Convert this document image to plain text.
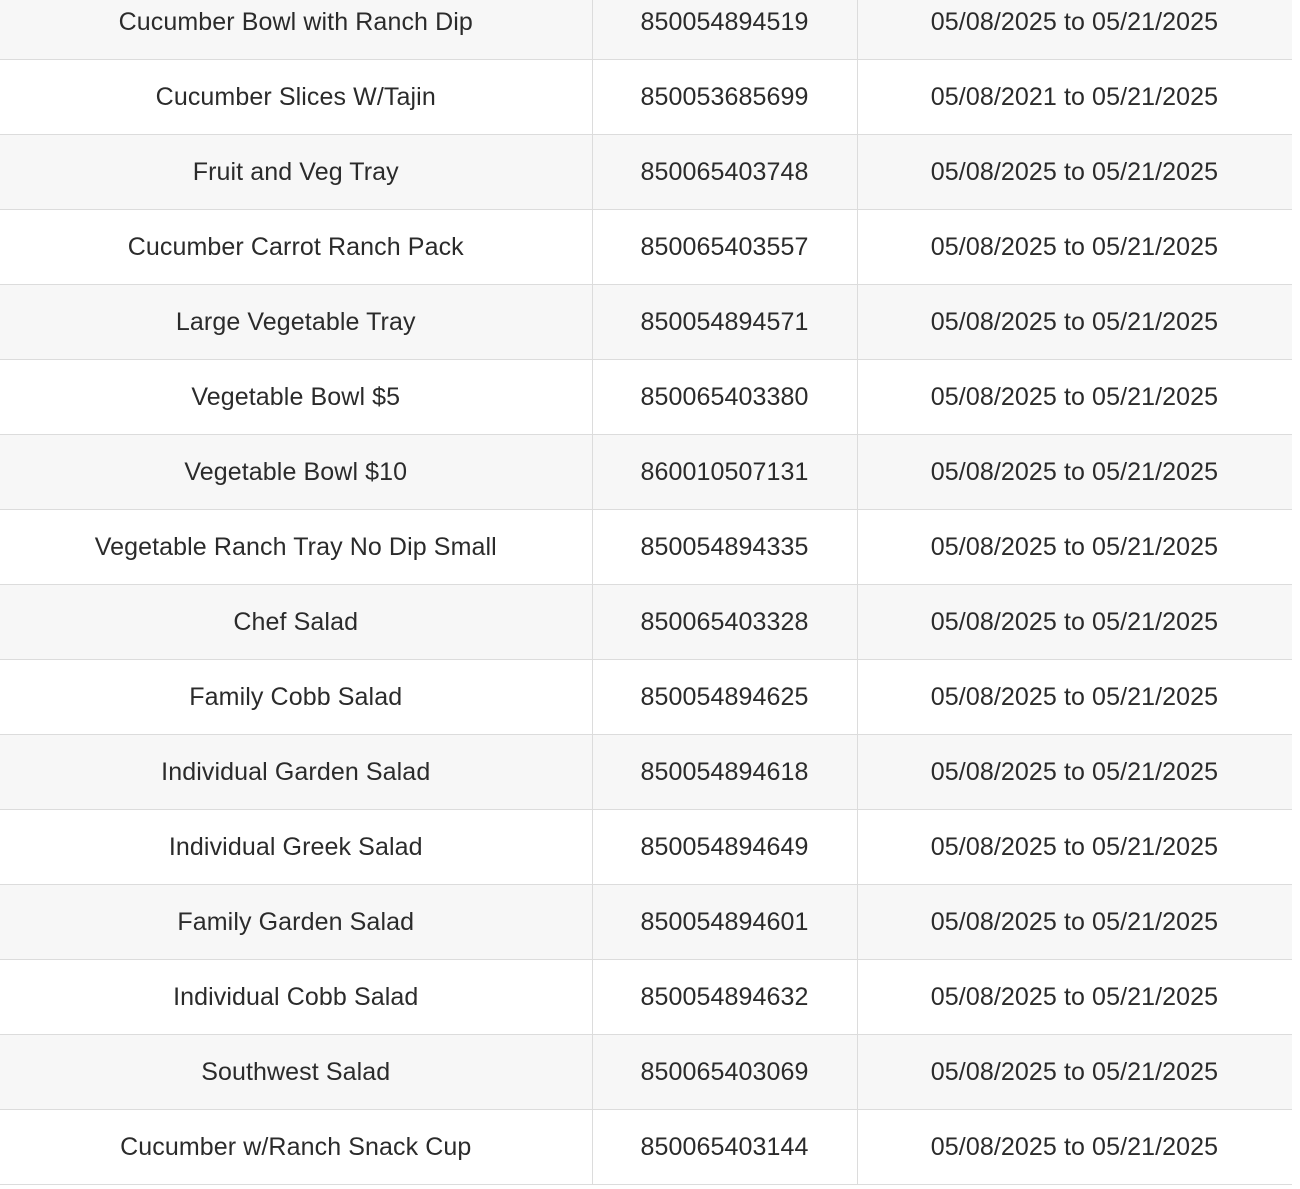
Cucumber Bowl with Ranch Dip	850054894519	05/08/2025 to 05/21/2025
Cucumber Slices W/Tajin	850053685699	05/08/2021 to 05/21/2025
Fruit and Veg Tray	850065403748	05/08/2025 to 05/21/2025
Cucumber Carrot Ranch Pack	850065403557	05/08/2025 to 05/21/2025
Large Vegetable Tray	850054894571	05/08/2025 to 05/21/2025
Vegetable Bowl $5	850065403380	05/08/2025 to 05/21/2025
Vegetable Bowl $10	860010507131	05/08/2025 to 05/21/2025
Vegetable Ranch Tray No Dip Small	850054894335	05/08/2025 to 05/21/2025
Chef Salad	850065403328	05/08/2025 to 05/21/2025
Family Cobb Salad	850054894625	05/08/2025 to 05/21/2025
Individual Garden Salad	850054894618	05/08/2025 to 05/21/2025
Individual Greek Salad	850054894649	05/08/2025 to 05/21/2025
Family Garden Salad	850054894601	05/08/2025 to 05/21/2025
Individual Cobb Salad	850054894632	05/08/2025 to 05/21/2025
Southwest Salad	850065403069	05/08/2025 to 05/21/2025
Cucumber w/Ranch Snack Cup	850065403144	05/08/2025 to 05/21/2025
